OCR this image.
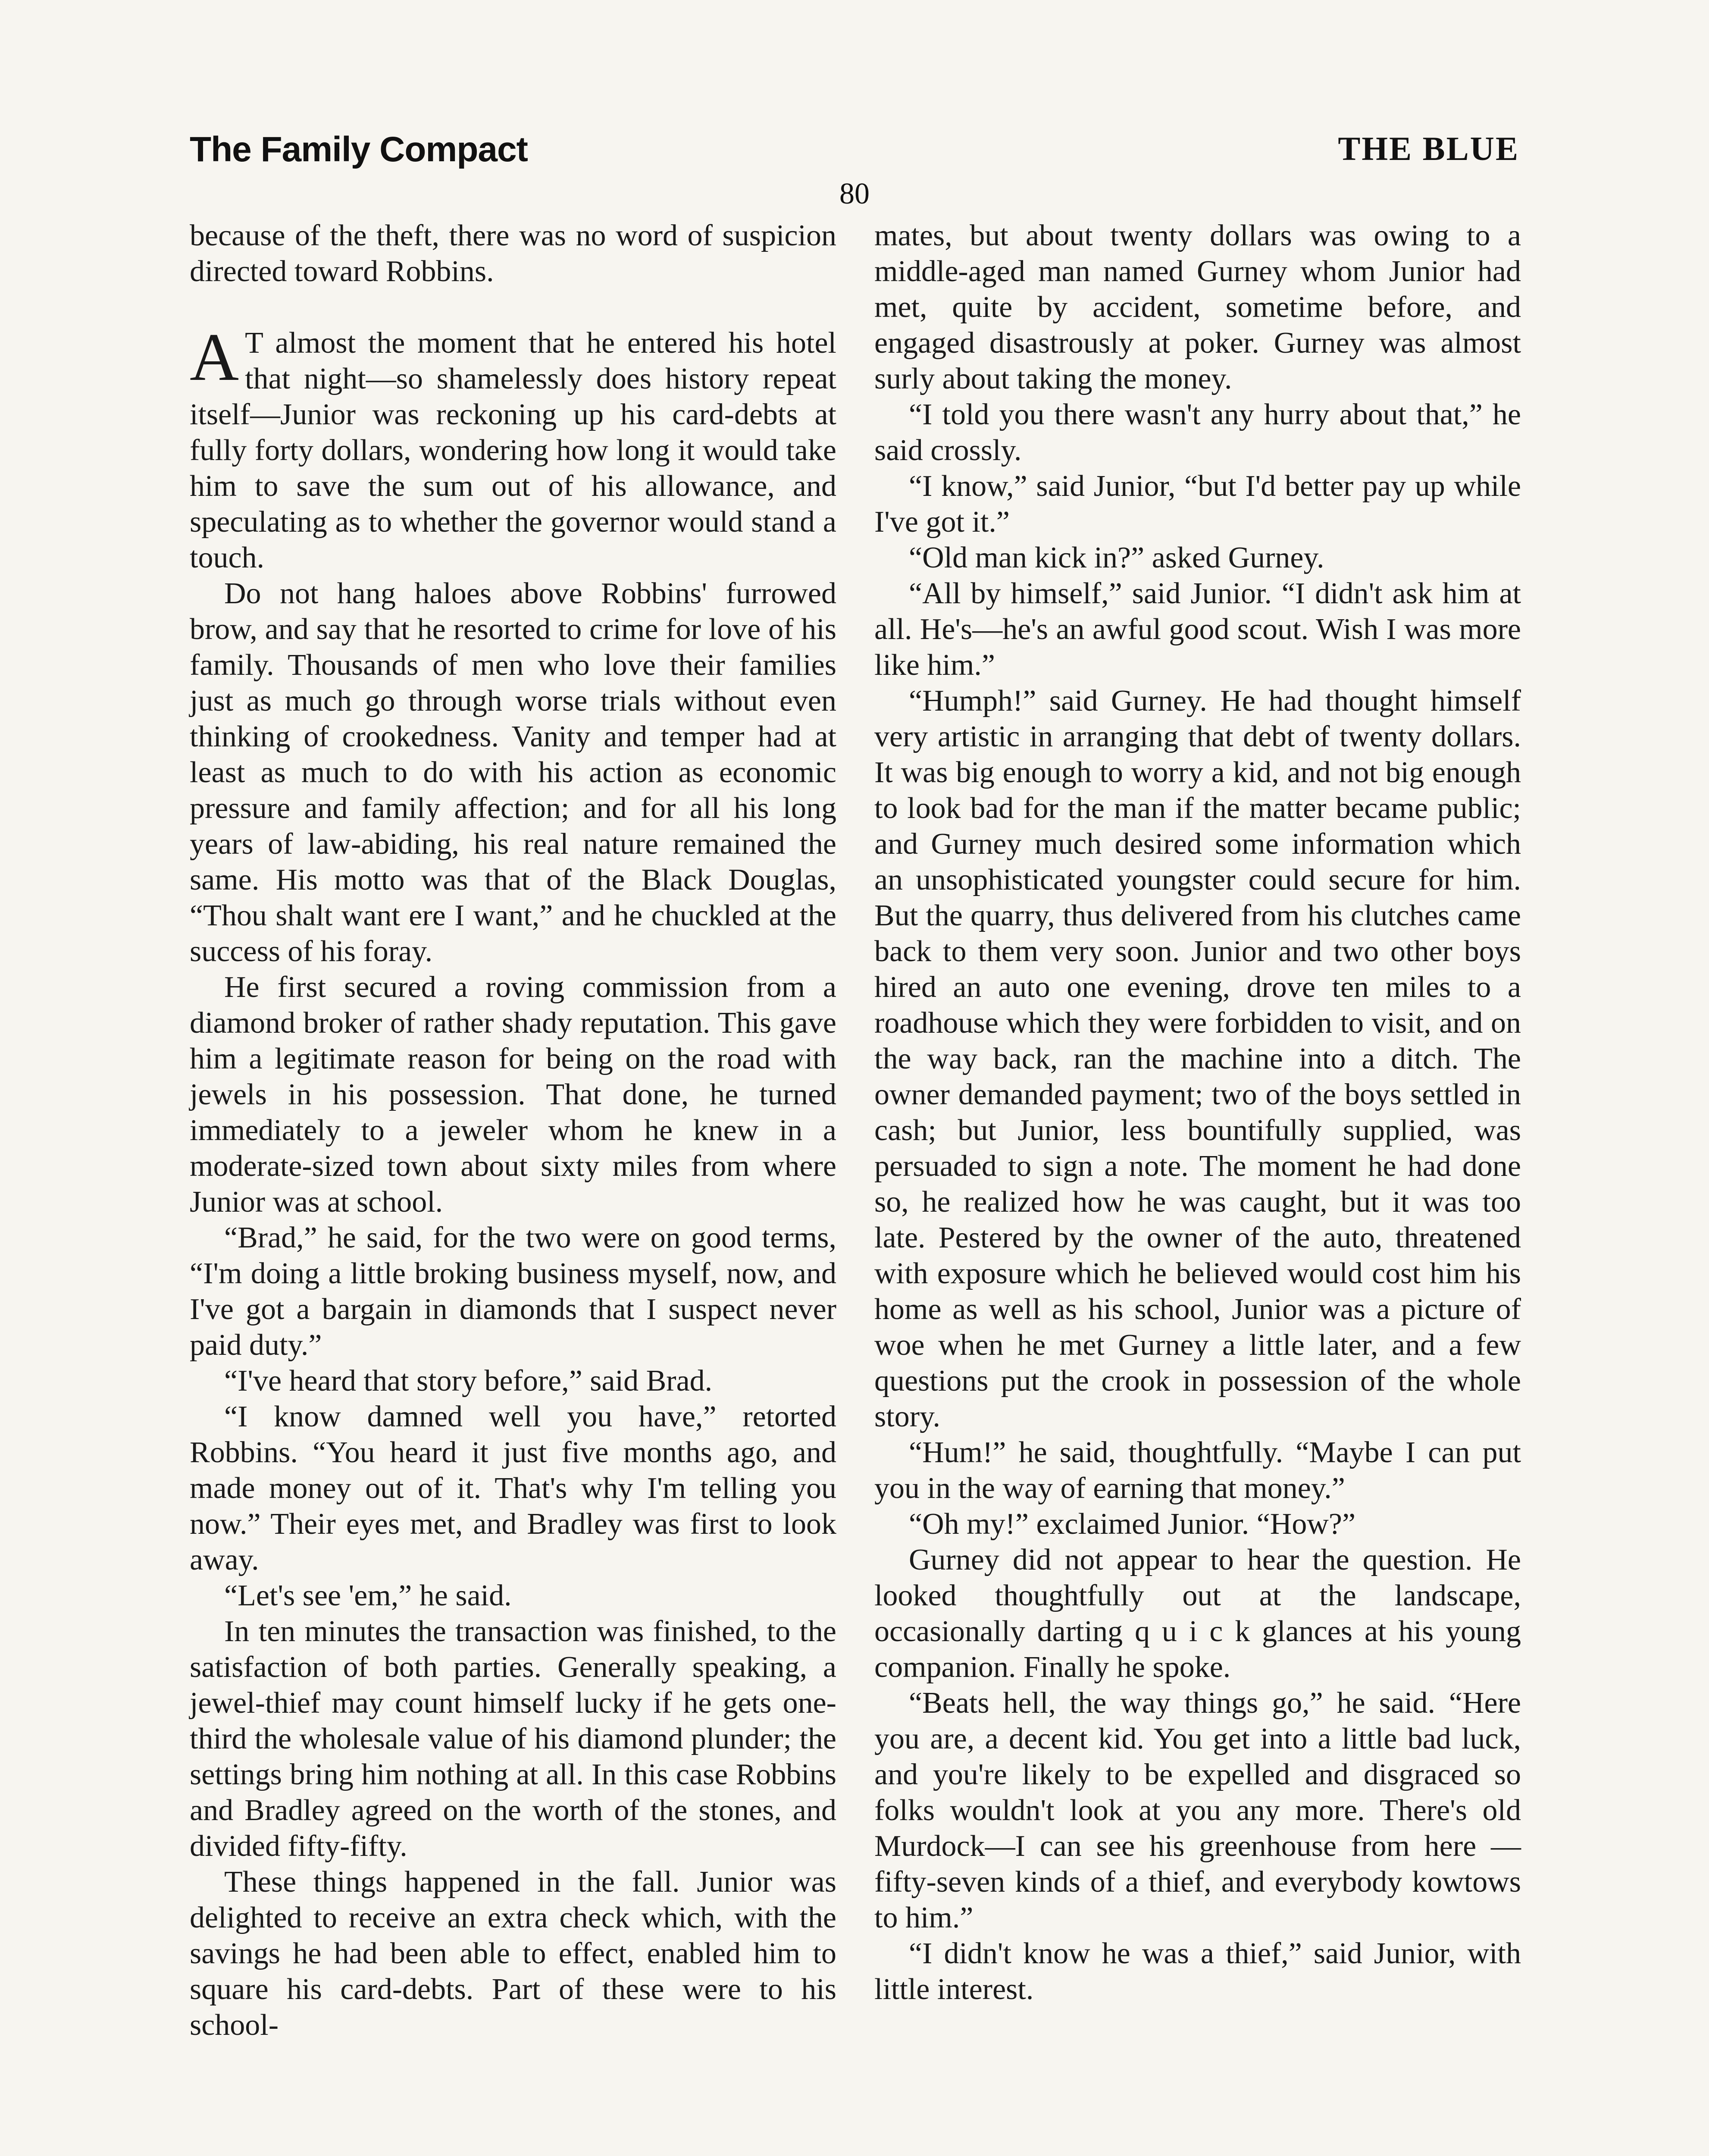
The Family Compact	THE BLUE
80

because of the theft, there was no word of suspicion directed toward Robbins.

A T almost the moment that he entered his hotel that night—so shamelessly does history repeat itself—Junior was reckoning up his card-debts at fully forty dollars, wondering how long it would take him to save the sum out of his allowance, and speculating as to whether the governor would stand a touch.

Do not hang haloes above Robbins' furrowed brow, and say that he resorted to crime for love of his family. Thousands of men who love their families just as much go through worse trials without even thinking of crookedness. Vanity and temper had at least as much to do with his action as economic pressure and family affection; and for all his long years of law-abiding, his real nature remained the same. His motto was that of the Black Douglas, “Thou shalt want ere I want,” and he chuckled at the success of his foray.

He first secured a roving commission from a diamond broker of rather shady reputation. This gave him a legitimate reason for being on the road with jewels in his possession. That done, he turned immediately to a jeweler whom he knew in a moderate-sized town about sixty miles from where Junior was at school.

“Brad,” he said, for the two were on good terms, “I'm doing a little broking business myself, now, and I've got a bargain in diamonds that I suspect never paid duty.”

“I've heard that story before,” said Brad.

“I know damned well you have,” retorted Robbins. “You heard it just five months ago, and made money out of it. That's why I'm telling you now.” Their eyes met, and Bradley was first to look away.

“Let's see 'em,” he said.

In ten minutes the transaction was finished, to the satisfaction of both parties. Generally speaking, a jewel-thief may count himself lucky if he gets one-third the wholesale value of his diamond plunder; the settings bring him nothing at all. In this case Robbins and Bradley agreed on the worth of the stones, and divided fifty-fifty.

These things happened in the fall. Junior was delighted to receive an extra check which, with the savings he had been able to effect, enabled him to square his card-debts. Part of these were to his school-

mates, but about twenty dollars was owing to a middle-aged man named Gurney whom Junior had met, quite by accident, sometime before, and engaged disastrously at poker. Gurney was almost surly about taking the money.

“I told you there wasn't any hurry about that,” he said crossly.

“I know,” said Junior, “but I'd better pay up while I've got it.”

“Old man kick in?” asked Gurney.

“All by himself,” said Junior. “I didn't ask him at all. He's—he's an awful good scout. Wish I was more like him.”

“Humph!” said Gurney. He had thought himself very artistic in arranging that debt of twenty dollars. It was big enough to worry a kid, and not big enough to look bad for the man if the matter became public; and Gurney much desired some information which an unsophisticated youngster could secure for him. But the quarry, thus delivered from his clutches came back to them very soon. Junior and two other boys hired an auto one evening, drove ten miles to a roadhouse which they were forbidden to visit, and on the way back, ran the machine into a ditch. The owner demanded payment; two of the boys settled in cash; but Junior, less bountifully supplied, was persuaded to sign a note. The moment he had done so, he realized how he was caught, but it was too late. Pestered by the owner of the auto, threatened with exposure which he believed would cost him his home as well as his school, Junior was a picture of woe when he met Gurney a little later, and a few questions put the crook in possession of the whole story.

“Hum!” he said, thoughtfully. “Maybe I can put you in the way of earning that money.”

“Oh my!” exclaimed Junior. “How?”

Gurney did not appear to hear the question. He looked thoughtfully out at the landscape, occasionally darting q u i c k glances at his young companion. Finally he spoke.

“Beats hell, the way things go,” he said. “Here you are, a decent kid. You get into a little bad luck, and you're likely to be expelled and disgraced so folks wouldn't look at you any more. There's old Murdock—I can see his greenhouse from here —fifty-seven kinds of a thief, and everybody kowtows to him.”

“I didn't know he was a thief,” said Junior, with little interest.
